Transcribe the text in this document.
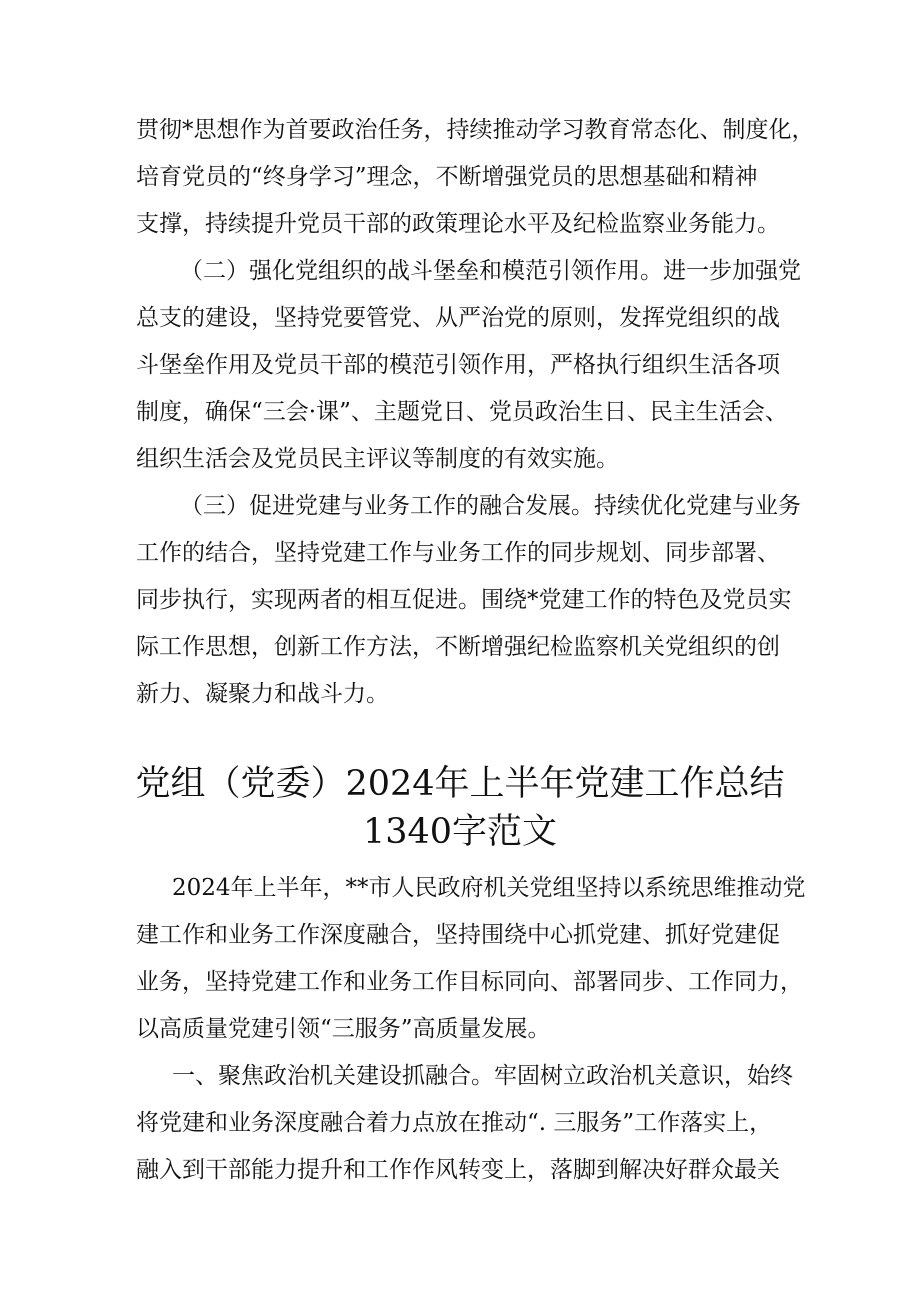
贯彻*思想作为首要政治任务，持续推动学习教育常态化、制度化，
培育党员的“终身学习”理念，不断增强党员的思想基础和精神
支撑，持续提升党员干部的政策理论水平及纪检监察业务能力。
（二）强化党组织的战斗堡垒和模范引领作用。进一步加强党
总支的建设，坚持党要管党、从严治党的原则，发挥党组织的战
斗堡垒作用及党员干部的模范引领作用，严格执行组织生活各项
制度，确保“三会·课”、主题党日、党员政治生日、民主生活会、
组织生活会及党员民主评议等制度的有效实施。
（三）促进党建与业务工作的融合发展。持续优化党建与业务
工作的结合，坚持党建工作与业务工作的同步规划、同步部署、
同步执行，实现两者的相互促进。围绕*党建工作的特色及党员实
际工作思想，创新工作方法，不断增强纪检监察机关党组织的创
新力、凝聚力和战斗力。
党组（党委）2024年上半年党建工作总结
1340字范文
2024年上半年，**市人民政府机关党组坚持以系统思维推动党
建工作和业务工作深度融合，坚持围绕中心抓党建、抓好党建促
业务，坚持党建工作和业务工作目标同向、部署同步、工作同力，
以高质量党建引领“三服务”高质量发展。
一、聚焦政治机关建设抓融合。牢固树立政治机关意识，始终
将党建和业务深度融合着力点放在推动“. 三服务”工作落实上，
融入到干部能力提升和工作作风转变上，落脚到解决好群众最关
